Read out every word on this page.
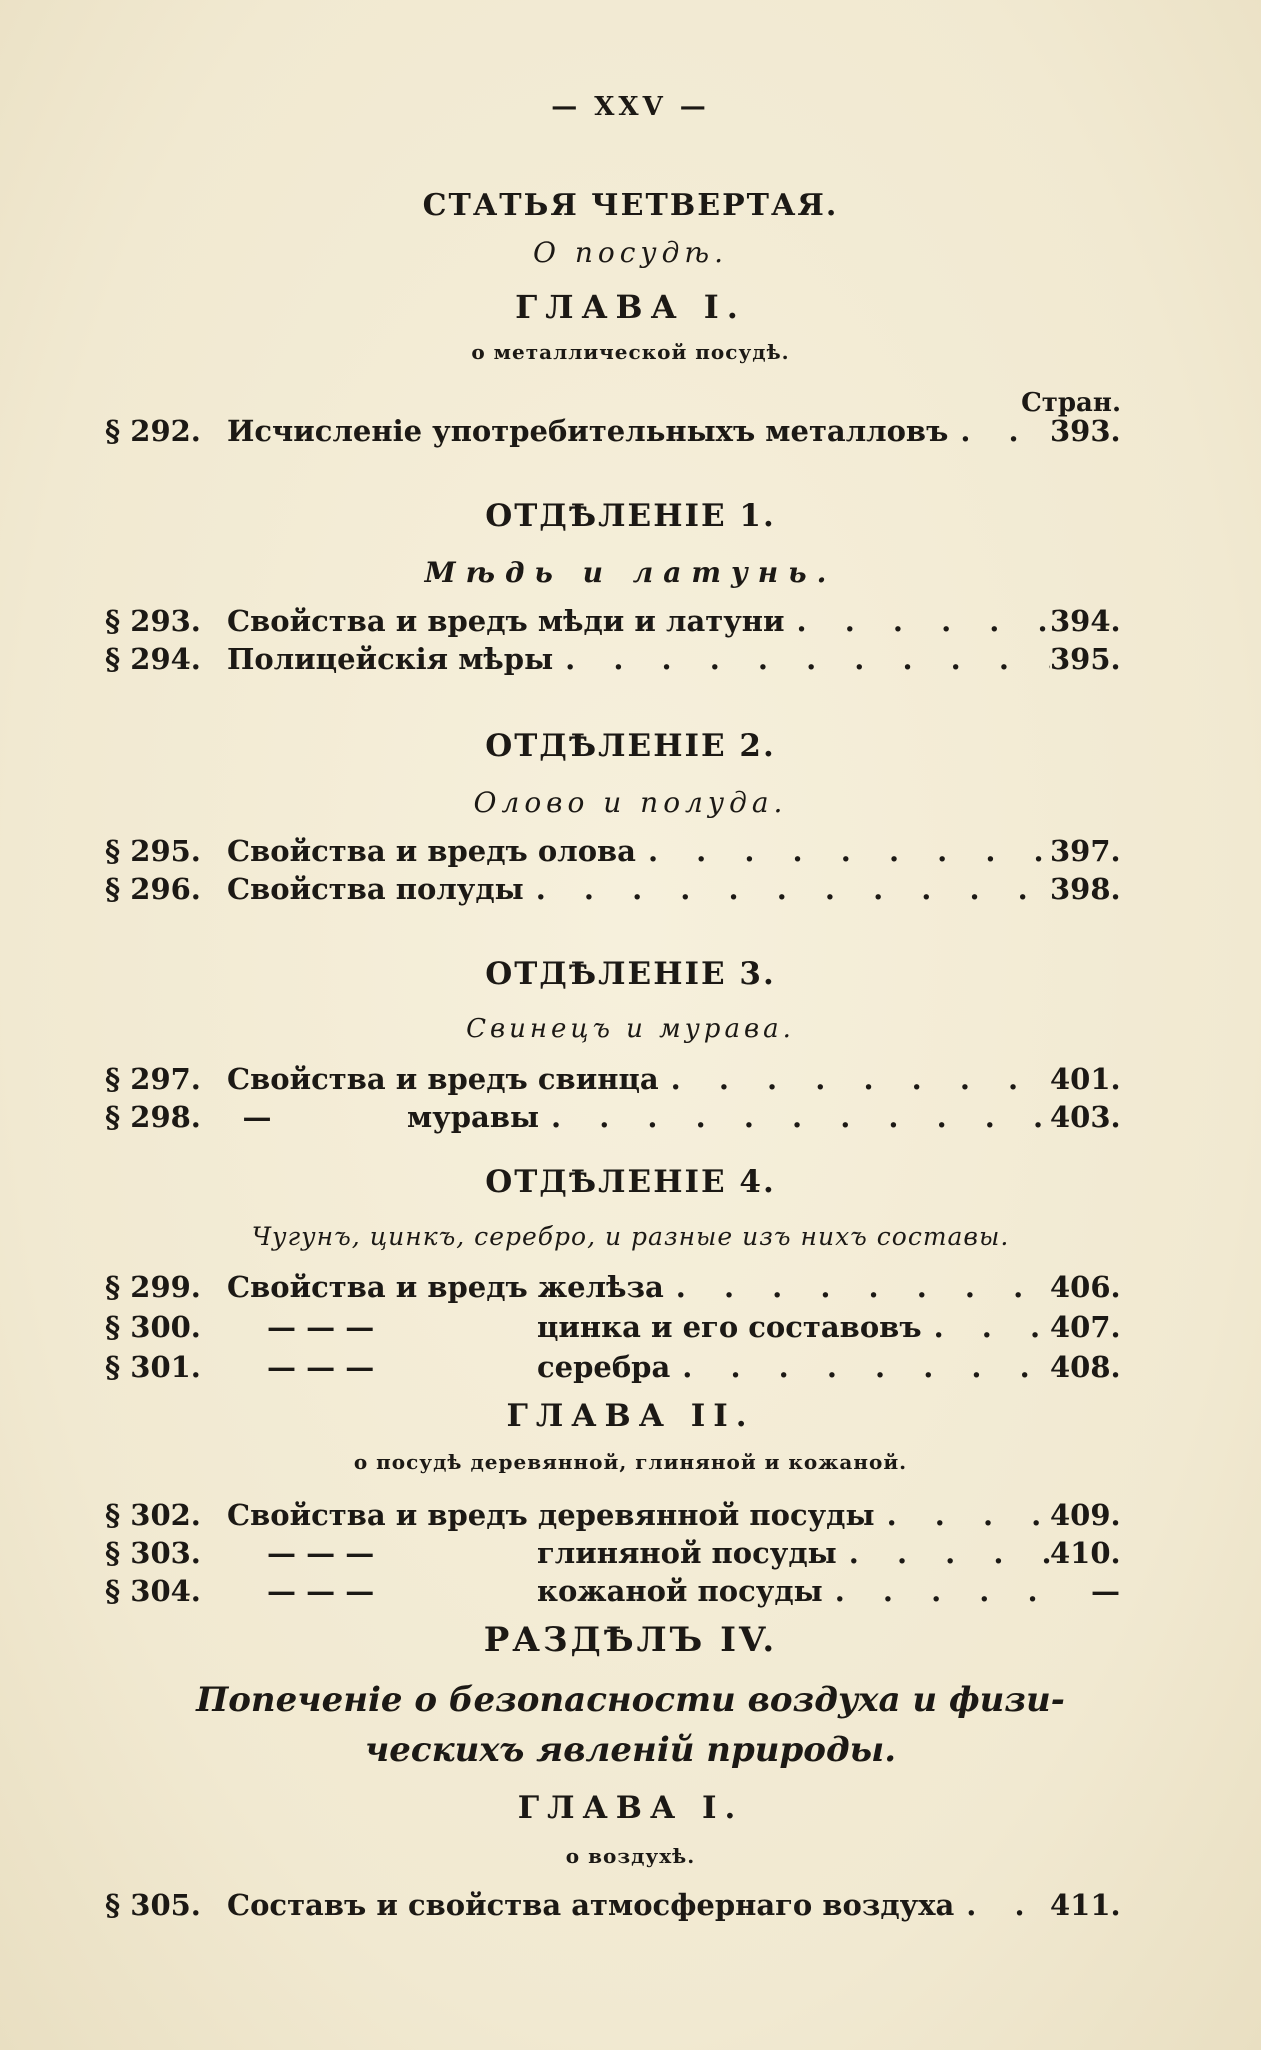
— XXV —
СТАТЬЯ ЧЕТВЕРТАЯ.
О посудѣ.
ГЛАВА I.
о металлической посудѣ.
Стран.
§ 292. Исчисленіе употребительныхъ металловъ . . .	393.
ОТДѢЛЕНІЕ 1.
Мѣдь и латунь.
§ 293. Свойства и вредъ мѣди и латуни . . .	394.
§ 294. Полицейскія мѣры . . .	395.
ОТДѢЛЕНІЕ 2.
Олово и полуда.
§ 295. Свойства и вредъ олова . . .	397.
§ 296. Свойства полуды . . .	398.
ОТДѢЛЕНІЕ 3.
Свинецъ и мурава.
§ 297. Свойства и вредъ свинца . . .	401.
§ 298.	—	муравы . . .	403.
ОТДѢЛЕНІЕ 4.
Чугунъ, цинкъ, серебро, и разные изъ нихъ составы.
§ 299. Свойства и вредъ желѣза . . .	406.
§ 300.	— — —	цинка и его составовъ . . .	407.
§ 301.	— — —	серебра . . .	408.
ГЛАВА II.
о посудѣ деревянной, глиняной и кожаной.
§ 302. Свойства и вредъ деревянной посуды . . .	409.
§ 303.	— — —	глиняной посуды . . .	410.
§ 304.	— — —	кожаной посуды . . .	—
РАЗДѢЛЪ IV.
Попеченіе о безопасности воздуха и физи-
ческихъ явленій природы.
ГЛАВА I.
о воздухѣ.
§ 305. Составъ и свойства атмосфернаго воздуха . . .	411.
